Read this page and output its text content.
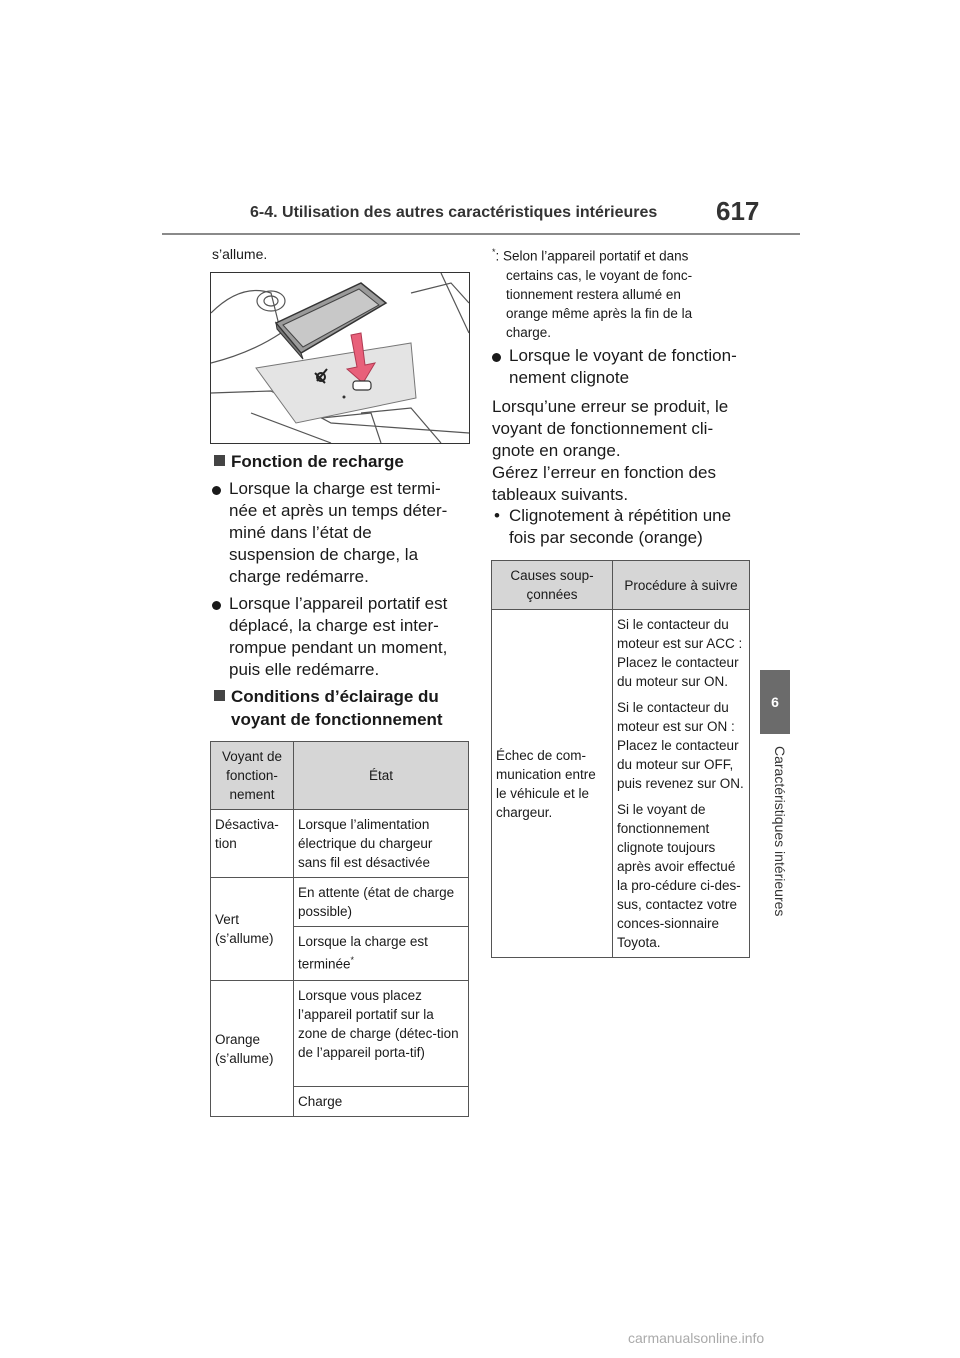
6-4. Utilisation des autres caractéristiques intérieures 617
6
Caractéristiques intérieures
s’allume.
Fonction de recharge
Lorsque la charge est termi-
née et après un temps déter-
miné dans l’état de
suspension de charge, la
charge redémarre.
Lorsque l’appareil portatif est
déplacé, la charge est inter-
rompue pendant un moment,
puis elle redémarre.
Conditions d’éclairage du
voyant de fonctionnement
Voyant de fonction-nement	État
Désactiva-tion	Lorsque l’alimentation électrique du chargeur sans fil est désactivée
Vert (s’allume)	En attente (état de charge possible)
	Lorsque la charge est terminée*
Orange (s’allume)	Lorsque vous placez l’appareil portatif sur la zone de charge (détec-tion de l’appareil porta-tif)
	Charge
*: Selon l’appareil portatif et dans
certains cas, le voyant de fonc-
tionnement restera allumé en
orange même après la fin de la
charge.
Lorsque le voyant de fonction-
nement clignote
Lorsqu’une erreur se produit, le
voyant de fonctionnement cli-
gnote en orange.
Gérez l’erreur en fonction des
tableaux suivants.
• Clignotement à répétition une
fois par seconde (orange)
Causes soup-çonnées	Procédure à suivre
Échec de com-munication entre le véhicule et le chargeur.	Si le contacteur du moteur est sur ACC : Placez le contacteur du moteur sur ON.

Si le contacteur du moteur est sur ON : Placez le contacteur du moteur sur OFF, puis revenez sur ON.

Si le voyant de fonctionnement clignote toujours après avoir effectué la pro-cédure ci-des-sus, contactez votre conces-sionnaire Toyota.

carmanualsonline.info
